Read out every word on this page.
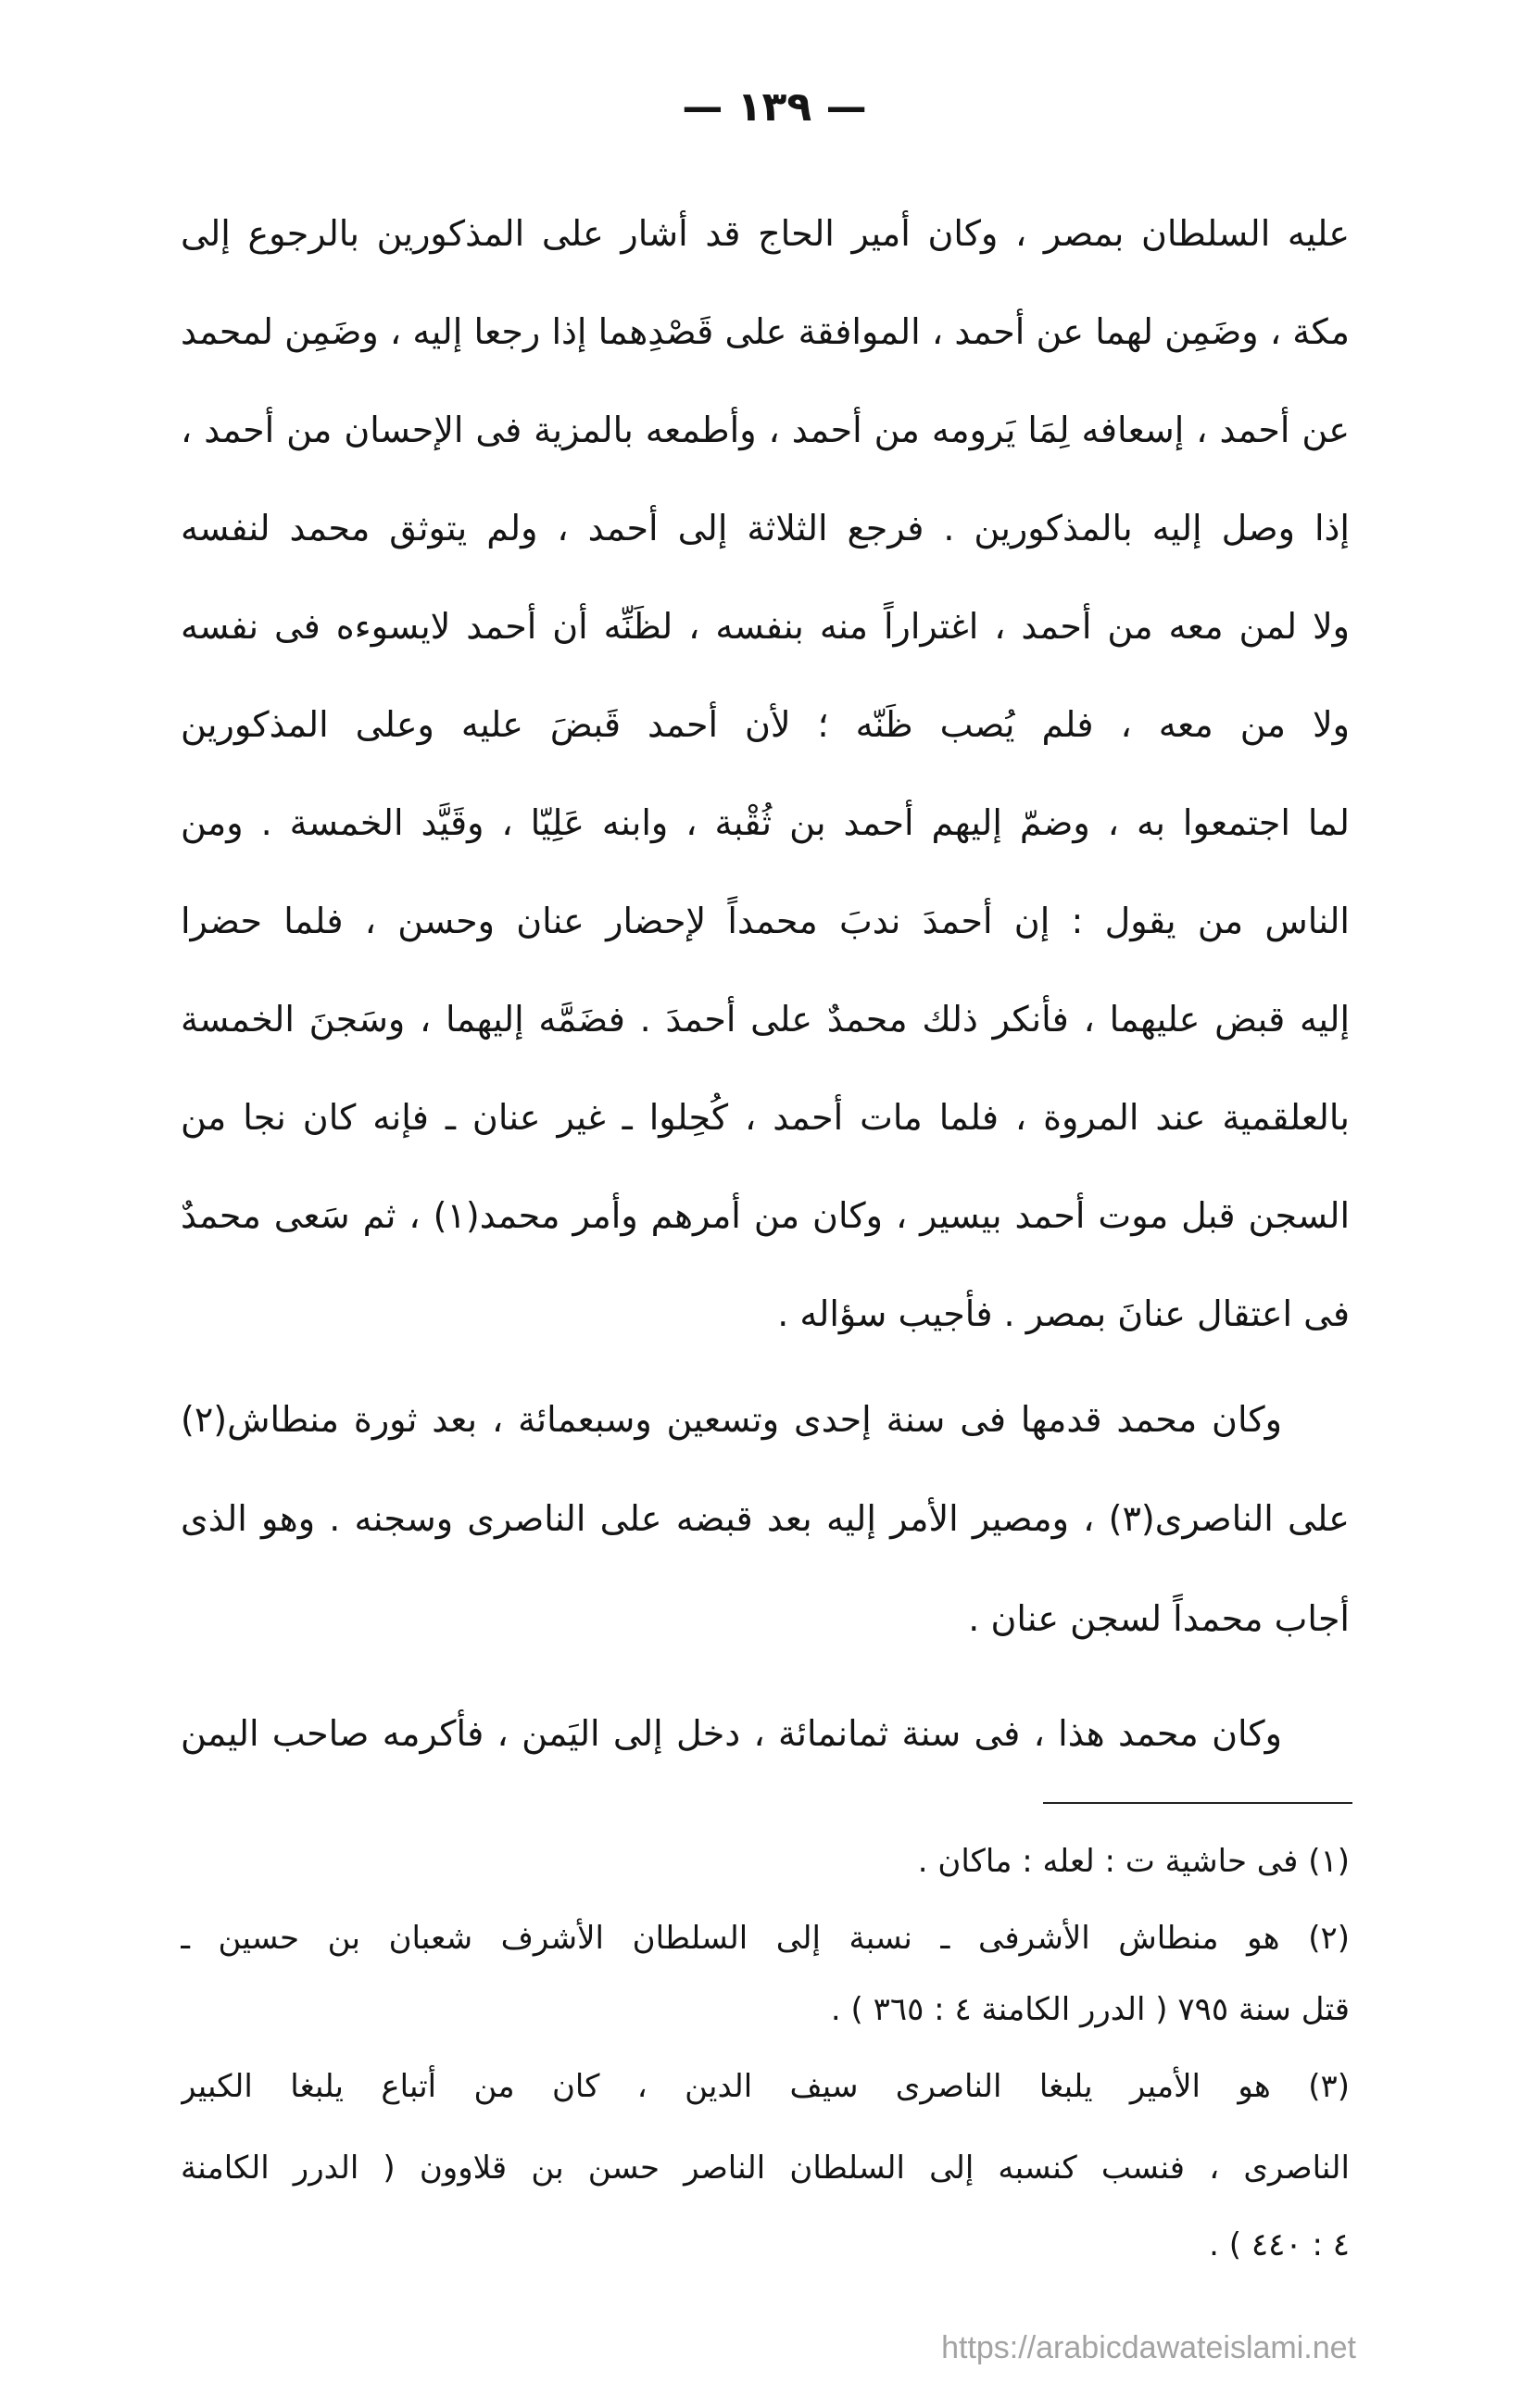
— ١٣٩ —
عليه السلطان بمصر ، وكان أمير الحاج قد أشار على المذكورين بالرجوع إلى
مكة ، وضَمِن لهما عن أحمد ، الموافقة على قَصْدِهما إذا رجعا إليه ، وضَمِن لمحمد
عن أحمد ، إسعافه لِمَا يَرومه من أحمد ، وأطمعه بالمزية فى الإحسان من أحمد ،
إذا وصل إليه بالمذكورين . فرجع الثلاثة إلى أحمد ، ولم يتوثق محمد لنفسه
ولا لمن معه من أحمد ، اغتراراً منه بنفسه ، لظَنِّه أن أحمد لايسوءه فى نفسه
ولا من معه ، فلم يُصب ظَنّه ؛ لأن أحمد قَبضَ عليه وعلى المذكورين
لما اجتمعوا به ، وضمّ إليهم أحمد بن ثُقْبة ، وابنه عَلِيّا ، وقَيَّد الخمسة . ومن
الناس من يقول : إن أحمدَ ندبَ محمداً لإحضار عنان وحسن ، فلما حضرا
إليه قبض عليهما ، فأنكر ذلك محمدٌ على أحمدَ . فضَمَّه إليهما ، وسَجنَ الخمسة
بالعلقمية عند المروة ، فلما مات أحمد ، كُحِلوا ـ غير عنان ـ فإنه كان نجا من
السجن قبل موت أحمد بيسير ، وكان من أمرهم وأمر محمد(١) ، ثم سَعى محمدٌ
فى اعتقال عنانَ بمصر . فأجيب سؤاله .
وكان محمد قدمها فى سنة إحدى وتسعين وسبعمائة ، بعد ثورة منطاش(٢)
على الناصرى(٣) ، ومصير الأمر إليه بعد قبضه على الناصرى وسجنه . وهو الذى
أجاب محمداً لسجن عنان .
وكان محمد هذا ، فى سنة ثمانمائة ، دخل إلى اليَمن ، فأكرمه صاحب اليمن
(١) فى حاشية ت : لعله : ماكان .
(٢) هو منطاش الأشرفى ـ نسبة إلى السلطان الأشرف شعبان بن حسين ـ
قتل سنة ٧٩٥ ( الدرر الكامنة ٤ : ٣٦٥ ) .
(٣) هو الأمير يلبغا الناصرى سيف الدين ، كان من أتباع يلبغا الكبير
الناصرى ، فنسب كنسبه إلى السلطان الناصر حسن بن قلاوون ( الدرر الكامنة
٤ : ٤٤٠ ) .
https://arabicdawateislami.net
